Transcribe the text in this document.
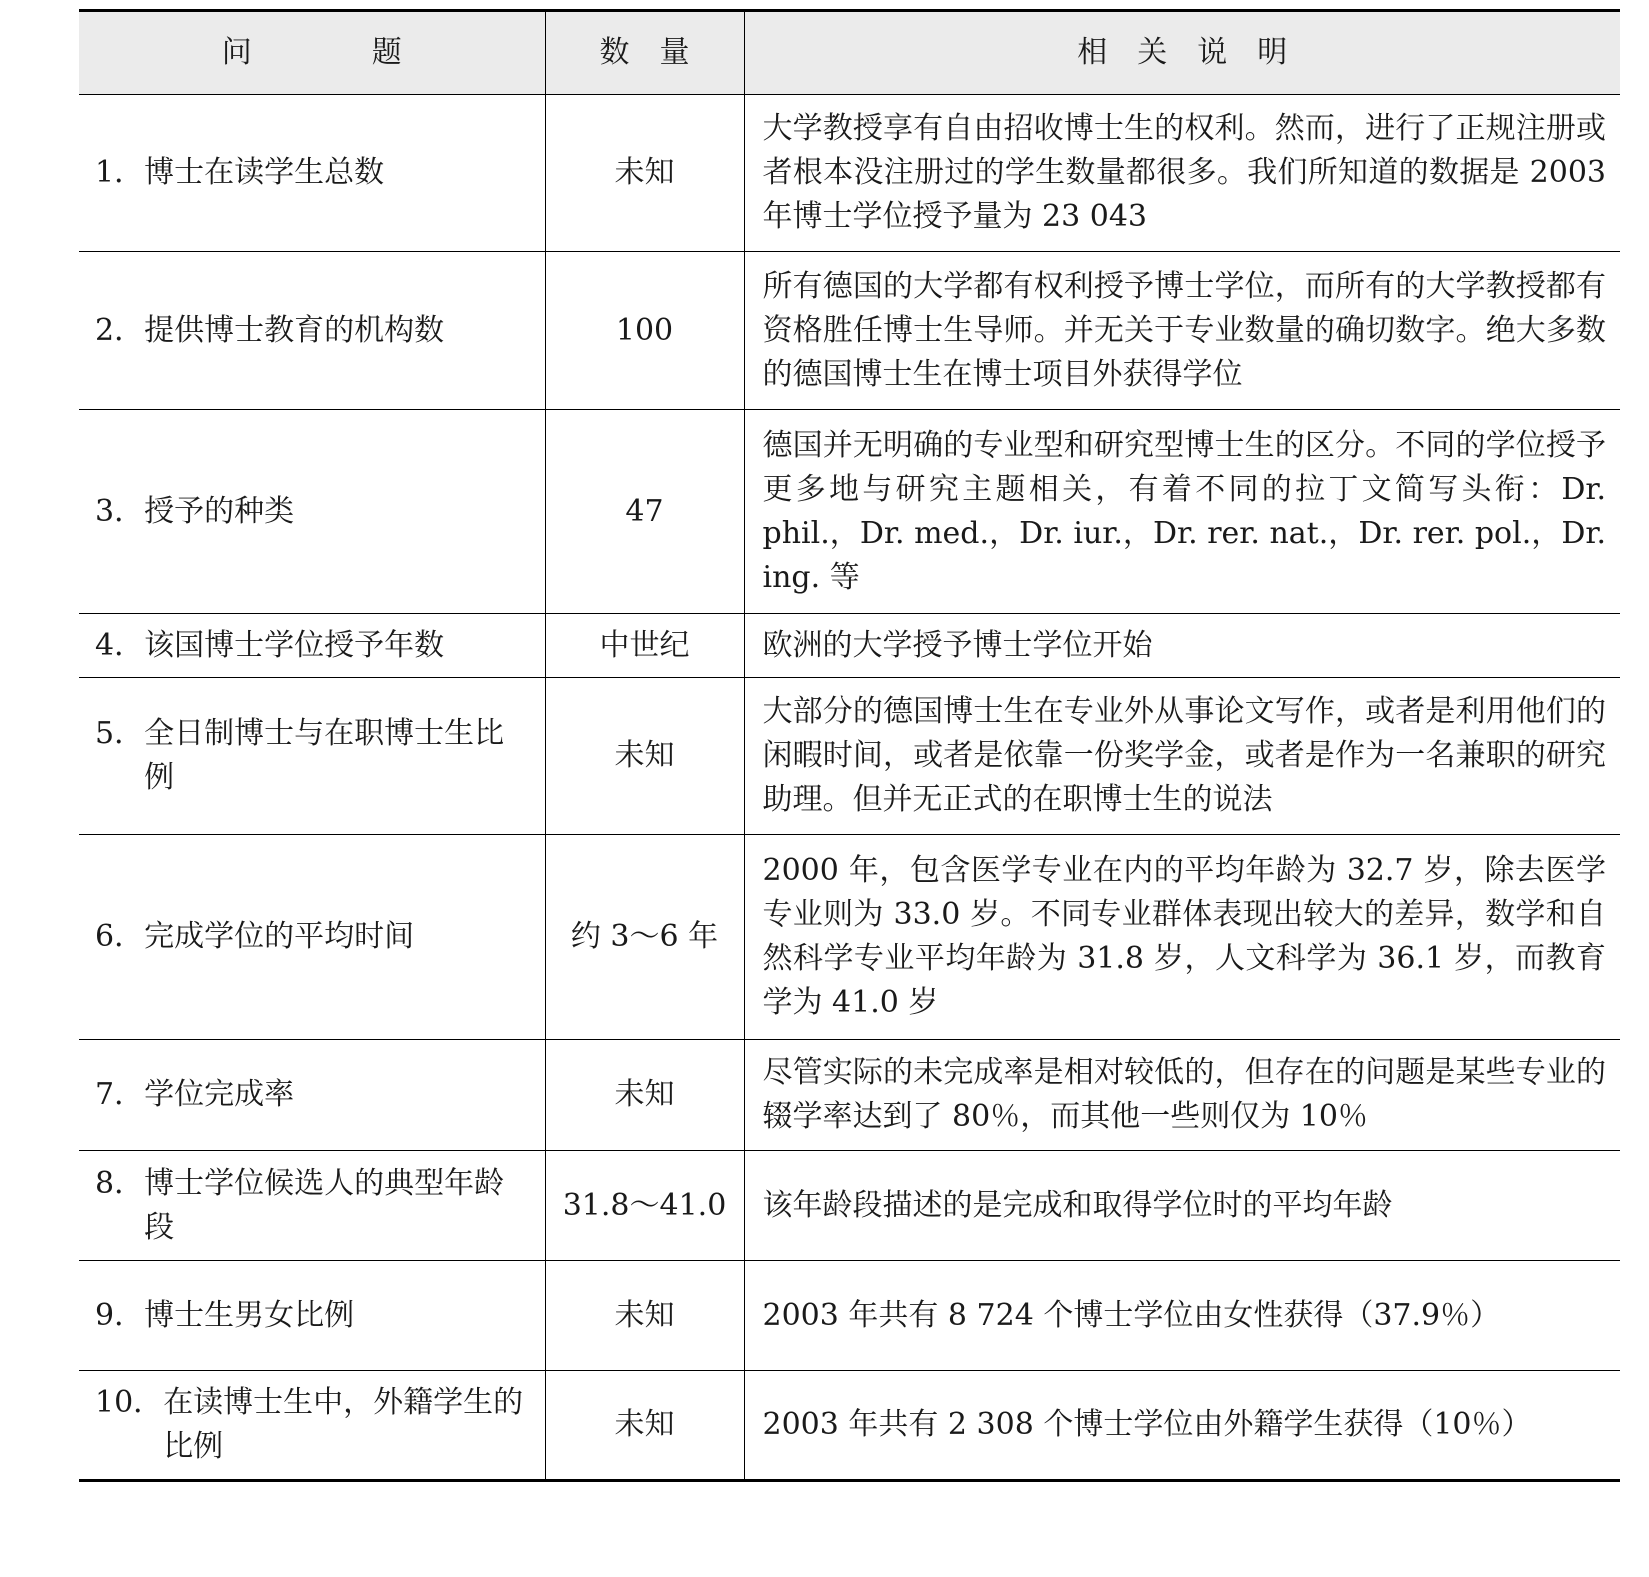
问　　　　题	数　量	相　关　说　明

1． 博士在读学生总数	未知	大学教授享有自由招收博士生的权利。然而，进行了正规注册或者根本没注册过的学生数量都很多。我们所知道的数据是 2003 年博士学位授予量为 23 043

2． 提供博士教育的机构数	100	所有德国的大学都有权利授予博士学位，而所有的大学教授都有资格胜任博士生导师。并无关于专业数量的确切数字。绝大多数的德国博士生在博士项目外获得学位

3． 授予的种类	47	德国并无明确的专业型和研究型博士生的区分。不同的学位授予更多地与研究主题相关，有着不同的拉丁文简写头衔：Dr. phil.，Dr. med.，Dr. iur.，Dr. rer. nat.，Dr. rer. pol.，Dr. ing. 等

4． 该国博士学位授予年数	中世纪	欧洲的大学授予博士学位开始

5． 全日制博士与在职博士生比例	未知	大部分的德国博士生在专业外从事论文写作，或者是利用他们的闲暇时间，或者是依靠一份奖学金，或者是作为一名兼职的研究助理。但并无正式的在职博士生的说法

6． 完成学位的平均时间	约 3～6 年	2000 年，包含医学专业在内的平均年龄为 32.7 岁，除去医学专业则为 33.0 岁。不同专业群体表现出较大的差异，数学和自然科学专业平均年龄为 31.8 岁，人文科学为 36.1 岁，而教育学为 41.0 岁

7． 学位完成率	未知	尽管实际的未完成率是相对较低的，但存在的问题是某些专业的辍学率达到了 80％，而其他一些则仅为 10％

8． 博士学位候选人的典型年龄段	31.8～41.0	该年龄段描述的是完成和取得学位时的平均年龄

9． 博士生男女比例	未知	2003 年共有 8 724 个博士学位由女性获得（37.9％）

10． 在读博士生中，外籍学生的比例	未知	2003 年共有 2 308 个博士学位由外籍学生获得（10％）
